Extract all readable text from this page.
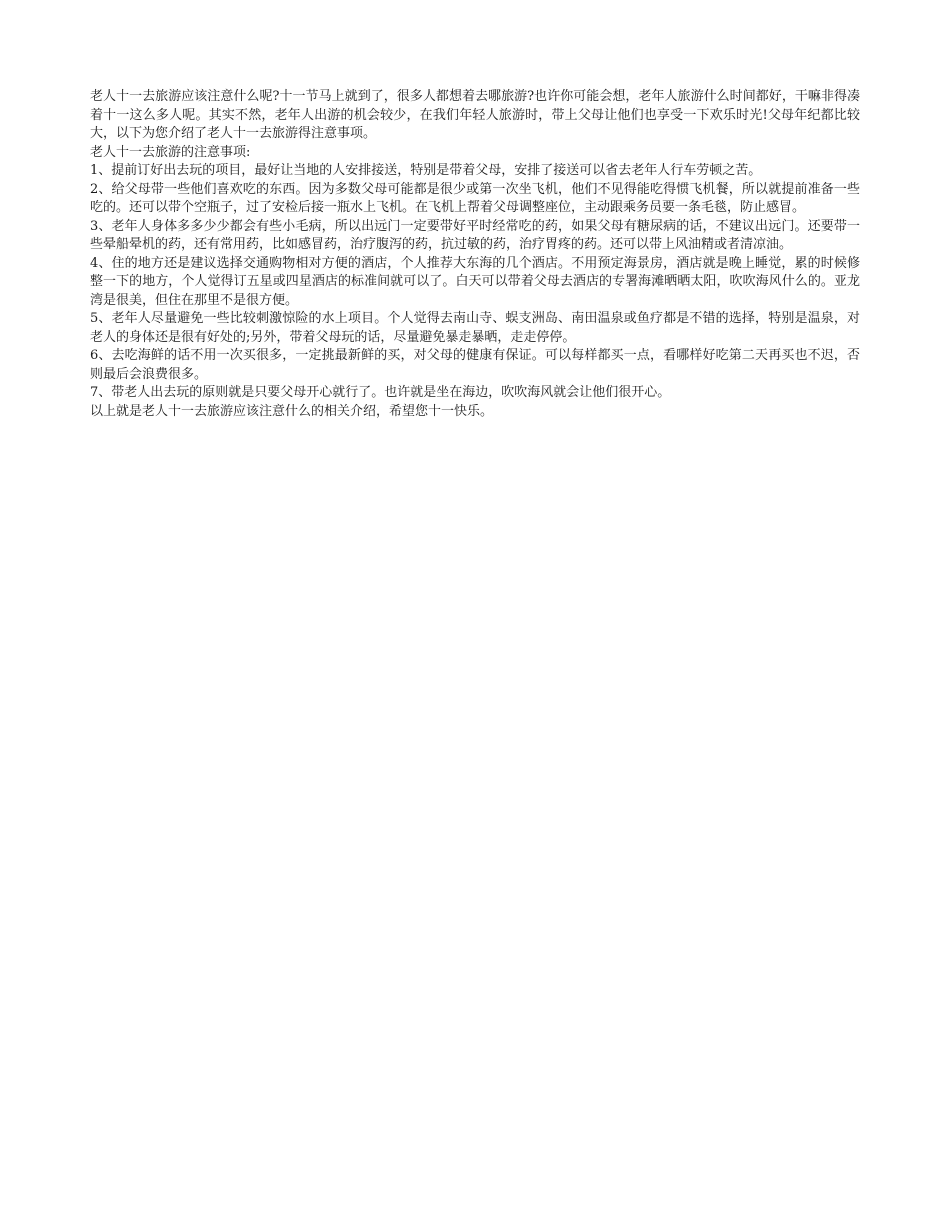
老人十一去旅游应该注意什么呢?十一节马上就到了，很多人都想着去哪旅游?也许你可能会想，老年人旅游什么时间都好，干嘛非得凑着十一这么多人呢。其实不然，老年人出游的机会较少，在我们年轻人旅游时，带上父母让他们也享受一下欢乐时光!父母年纪都比较大，以下为您介绍了老人十一去旅游得注意事项。

老人十一去旅游的注意事项:

1、提前订好出去玩的项目，最好让当地的人安排接送，特别是带着父母，安排了接送可以省去老年人行车劳顿之苦。

2、给父母带一些他们喜欢吃的东西。因为多数父母可能都是很少或第一次坐飞机，他们不见得能吃得惯飞机餐，所以就提前准备一些吃的。还可以带个空瓶子，过了安检后接一瓶水上飞机。在飞机上帮着父母调整座位，主动跟乘务员要一条毛毯，防止感冒。

3、老年人身体多多少少都会有些小毛病，所以出远门一定要带好平时经常吃的药，如果父母有糖尿病的话，不建议出远门。还要带一些晕船晕机的药，还有常用药，比如感冒药，治疗腹泻的药，抗过敏的药，治疗胃疼的药。还可以带上风油精或者清凉油。

4、住的地方还是建议选择交通购物相对方便的酒店，个人推荐大东海的几个酒店。不用预定海景房，酒店就是晚上睡觉，累的时候修整一下的地方，个人觉得订五星或四星酒店的标准间就可以了。白天可以带着父母去酒店的专署海滩晒晒太阳，吹吹海风什么的。亚龙湾是很美，但住在那里不是很方便。

5、老年人尽量避免一些比较刺激惊险的水上项目。个人觉得去南山寺、蜈支洲岛、南田温泉或鱼疗都是不错的选择，特别是温泉，对老人的身体还是很有好处的;另外，带着父母玩的话，尽量避免暴走暴晒，走走停停。

6、去吃海鲜的话不用一次买很多，一定挑最新鲜的买，对父母的健康有保证。可以每样都买一点，看哪样好吃第二天再买也不迟，否则最后会浪费很多。

7、带老人出去玩的原则就是只要父母开心就行了。也许就是坐在海边，吹吹海风就会让他们很开心。

以上就是老人十一去旅游应该注意什么的相关介绍，希望您十一快乐。
